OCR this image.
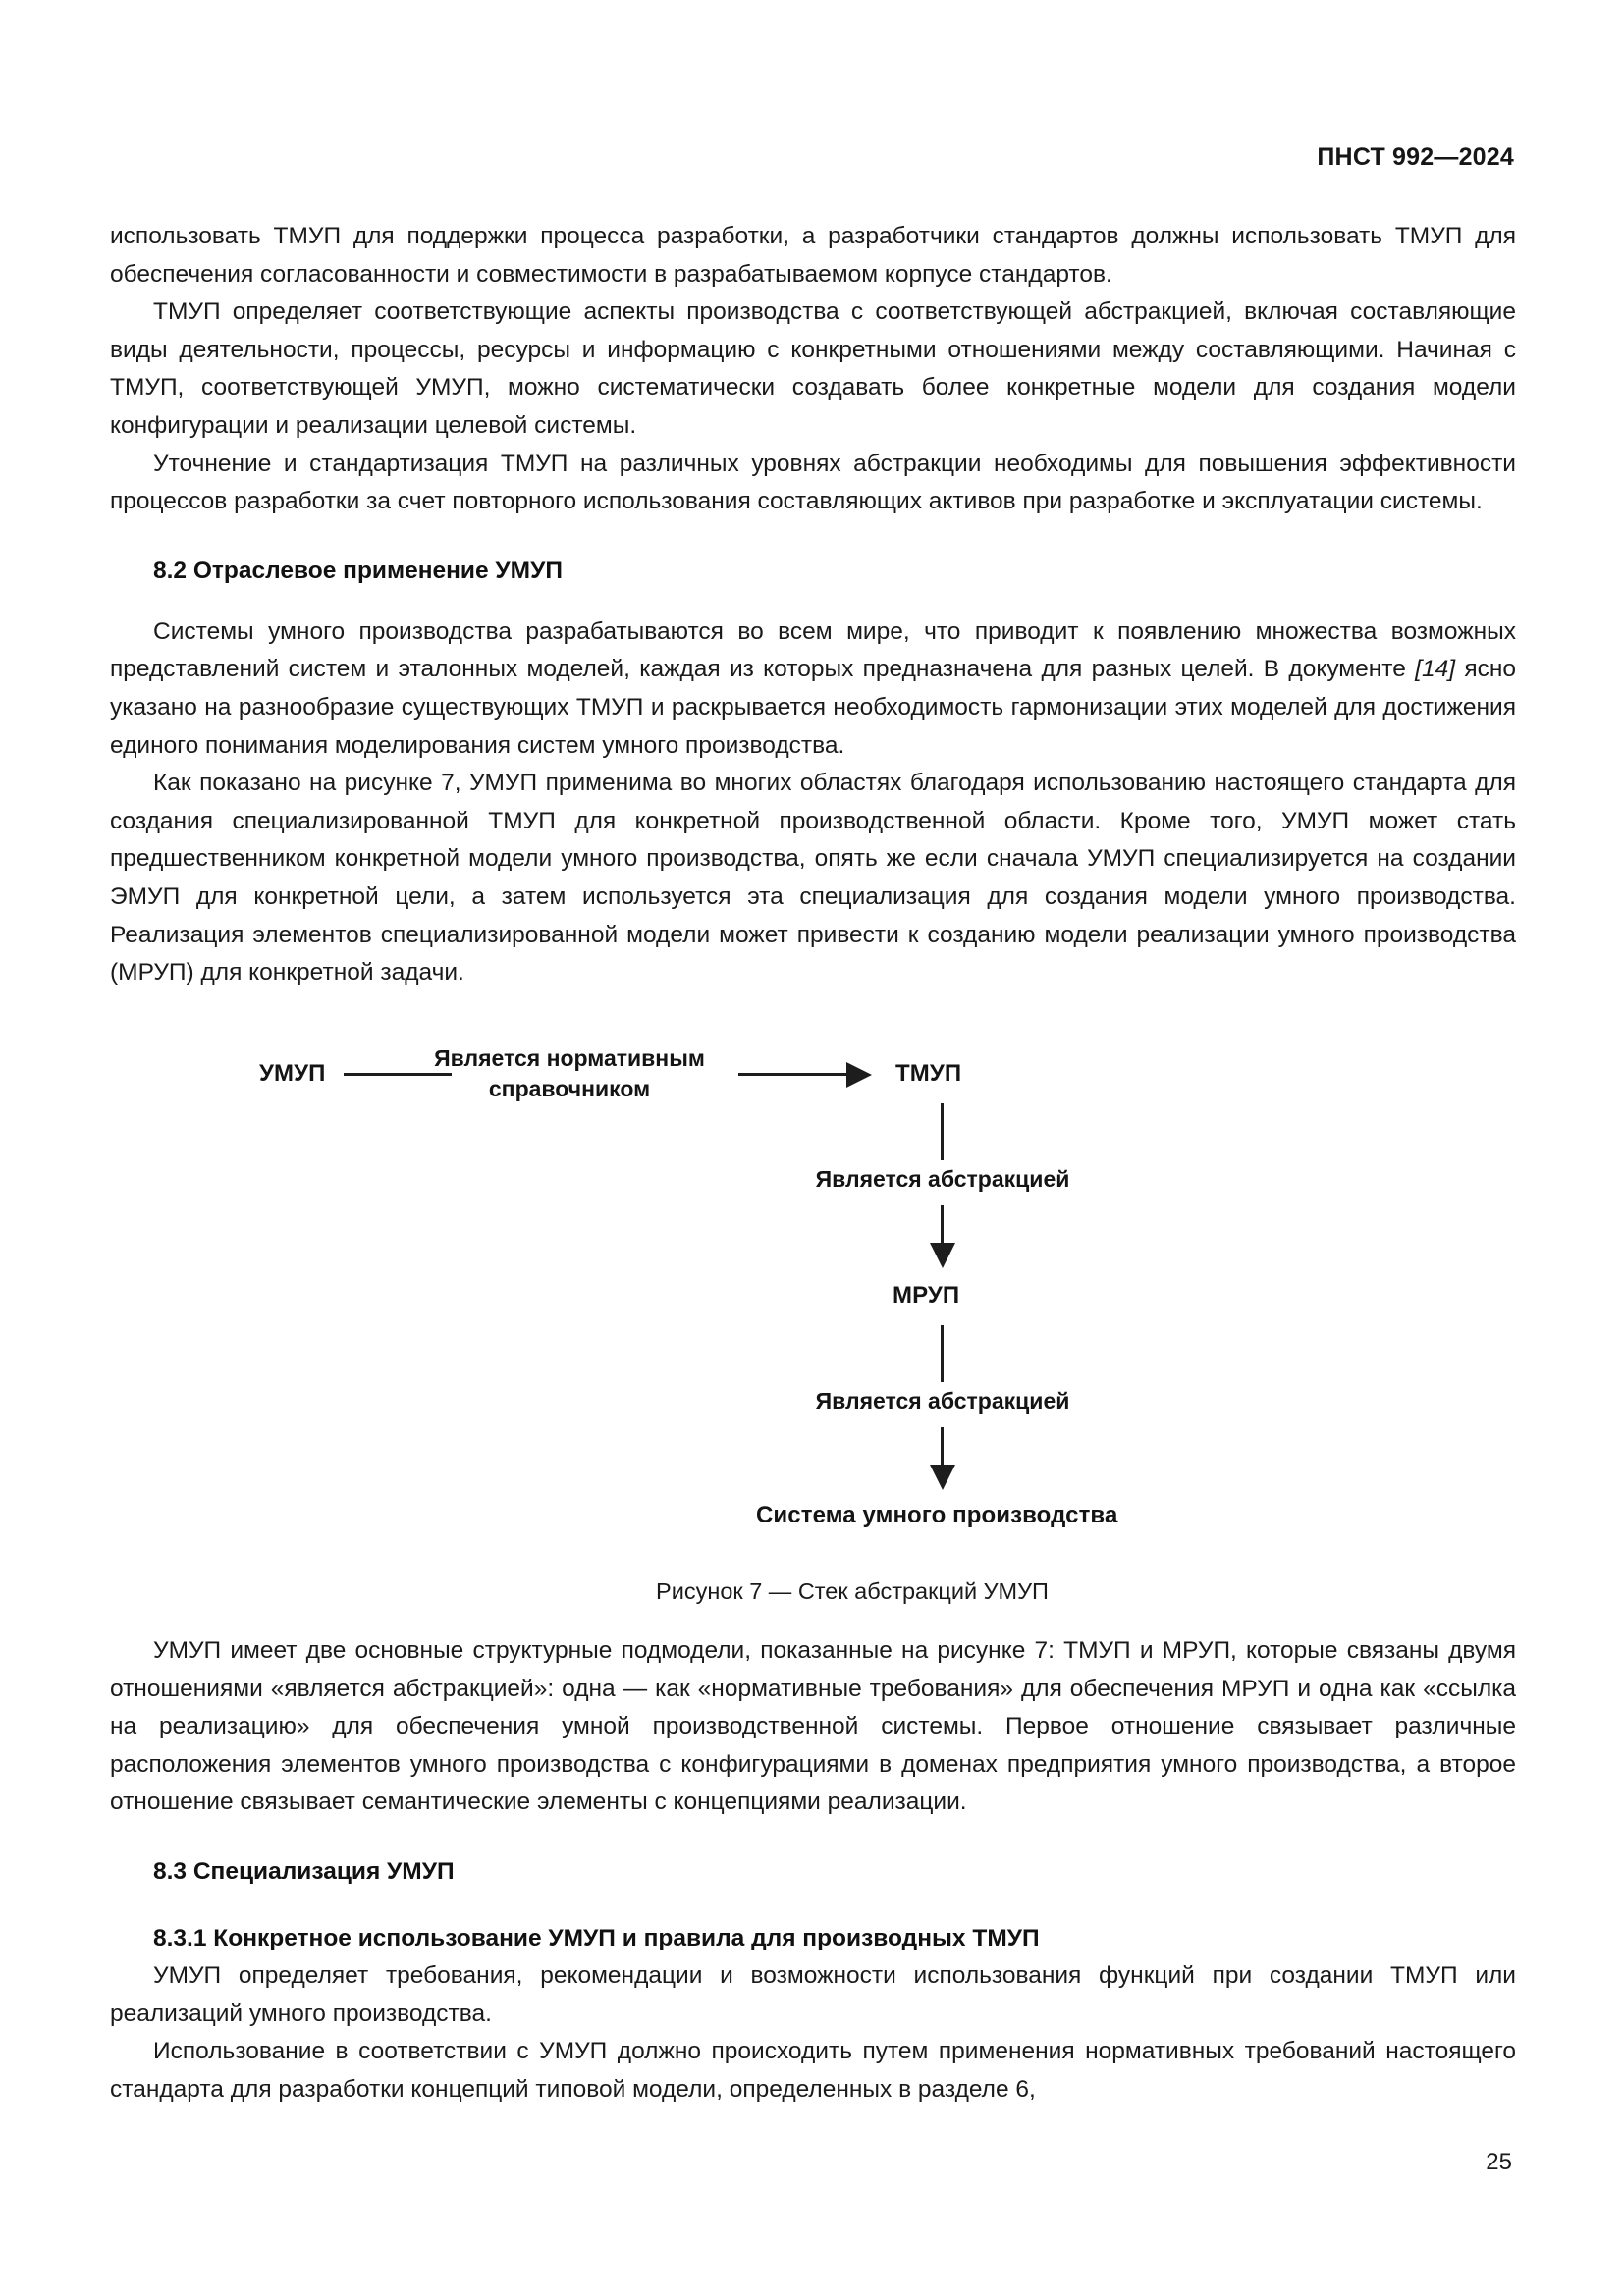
ПНСТ 992—2024

использовать ТМУП для поддержки процесса разработки, а разработчики стандартов должны использовать ТМУП для обеспечения согласованности и совместимости в разрабатываемом корпусе стандартов.

ТМУП определяет соответствующие аспекты производства с соответствующей абстракцией, включая составляющие виды деятельности, процессы, ресурсы и информацию с конкретными отношениями между составляющими. Начиная с ТМУП, соответствующей УМУП, можно систематически создавать более конкретные модели для создания модели конфигурации и реализации целевой системы.

Уточнение и стандартизация ТМУП на различных уровнях абстракции необходимы для повышения эффективности процессов разработки за счет повторного использования составляющих активов при разработке и эксплуатации системы.

8.2 Отраслевое применение УМУП

Системы умного производства разрабатываются во всем мире, что приводит к появлению множества возможных представлений систем и эталонных моделей, каждая из которых предназначена для разных целей. В документе [14] ясно указано на разнообразие существующих ТМУП и раскрывается необходимость гармонизации этих моделей для достижения единого понимания моделирования систем умного производства.

Как показано на рисунке 7, УМУП применима во многих областях благодаря использованию настоящего стандарта для создания специализированной ТМУП для конкретной производственной области. Кроме того, УМУП может стать предшественником конкретной модели умного производства, опять же если сначала УМУП специализируется на создании ЭМУП для конкретной цели, а затем используется эта специализация для создания модели умного производства. Реализация элементов специализированной модели может привести к созданию модели реализации умного производства (МРУП) для конкретной задачи.

УМУП
Является нормативным
справочником
ТМУП
Является абстракцией
МРУП
Является абстракцией
Система умного производства
Рисунок 7 — Стек абстракций УМУП

УМУП имеет две основные структурные подмодели, показанные на рисунке 7: ТМУП и МРУП, которые связаны двумя отношениями «является абстракцией»: одна — как «нормативные требования» для обеспечения МРУП и одна как «ссылка на реализацию» для обеспечения умной производственной системы. Первое отношение связывает различные расположения элементов умного производства с конфигурациями в доменах предприятия умного производства, а второе отношение связывает семантические элементы с концепциями реализации.

8.3 Специализация УМУП
8.3.1 Конкретное использование УМУП и правила для производных ТМУП

УМУП определяет требования, рекомендации и возможности использования функций при создании ТМУП или реализаций умного производства.

Использование в соответствии с УМУП должно происходить путем применения нормативных требований настоящего стандарта для разработки концепций типовой модели, определенных в разделе 6,

25
